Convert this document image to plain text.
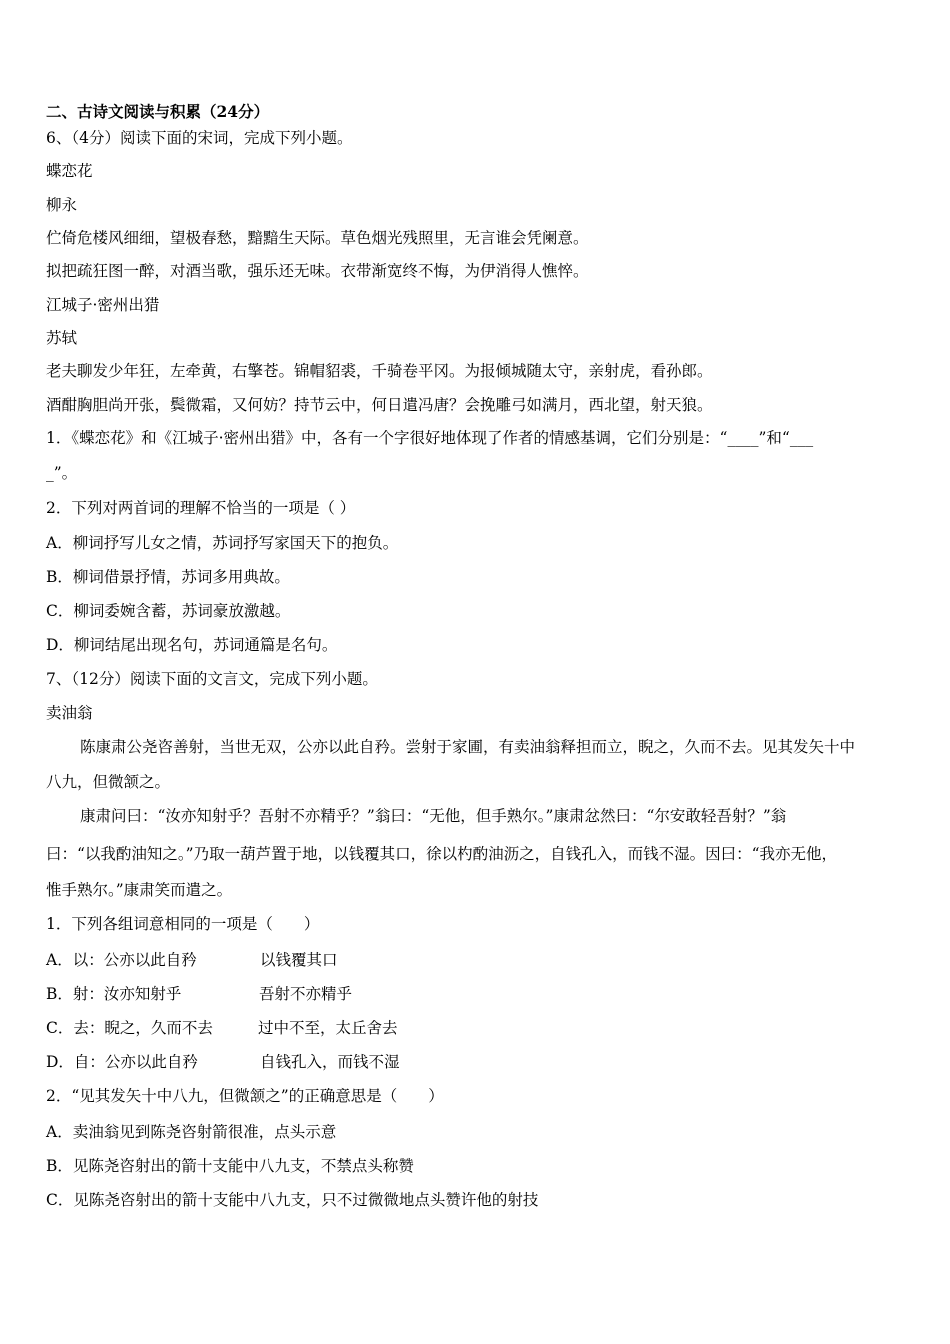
二、古诗文阅读与积累（24分）
6、（4分）阅读下面的宋词，完成下列小题。
蝶恋花
柳永
伫倚危楼风细细，望极春愁，黯黯生天际。草色烟光残照里，无言谁会凭阑意。
拟把疏狂图一醉，对酒当歌，强乐还无味。衣带渐宽终不悔，为伊消得人憔悴。
江城子·密州出猎
苏轼
老夫聊发少年狂，左牵黄，右擎苍。锦帽貂裘，千骑卷平冈。为报倾城随太守，亲射虎，看孙郎。
酒酣胸胆尚开张，鬓微霜，又何妨？持节云中，何日遣冯唐？会挽雕弓如满月，西北望，射天狼。
1．《蝶恋花》和《江城子·密州出猎》中，各有一个字很好地体现了作者的情感基调，它们分别是：“____”和“___
_”。
2．下列对两首词的理解不恰当的一项是（ ）
A．柳词抒写儿女之情，苏词抒写家国天下的抱负。
B．柳词借景抒情，苏词多用典故。
C．柳词委婉含蓄，苏词豪放激越。
D．柳词结尾出现名句，苏词通篇是名句。
7、（12分）阅读下面的文言文，完成下列小题。
卖油翁
陈康肃公尧咨善射，当世无双，公亦以此自矜。尝射于家圃，有卖油翁释担而立，睨之，久而不去。见其发矢十中
八九，但微颔之。
康肃问曰：“汝亦知射乎？吾射不亦精乎？”翁曰：“无他，但手熟尔。”康肃忿然曰：“尔安敢轻吾射？”翁
曰：“以我酌油知之。”乃取一葫芦置于地，以钱覆其口，徐以杓酌油沥之，自钱孔入，而钱不湿。因曰：“我亦无他，
惟手熟尔。”康肃笑而遣之。
1．下列各组词意相同的一项是（　　）
A．以：公亦以此自矜	以钱覆其口
B．射：汝亦知射乎	吾射不亦精乎
C．去：睨之，久而不去	过中不至，太丘舍去
D．自：公亦以此自矜	自钱孔入，而钱不湿
2．“见其发矢十中八九，但微颔之”的正确意思是（　　）
A．卖油翁见到陈尧咨射箭很准，点头示意
B．见陈尧咨射出的箭十支能中八九支，不禁点头称赞
C．见陈尧咨射出的箭十支能中八九支，只不过微微地点头赞许他的射技
